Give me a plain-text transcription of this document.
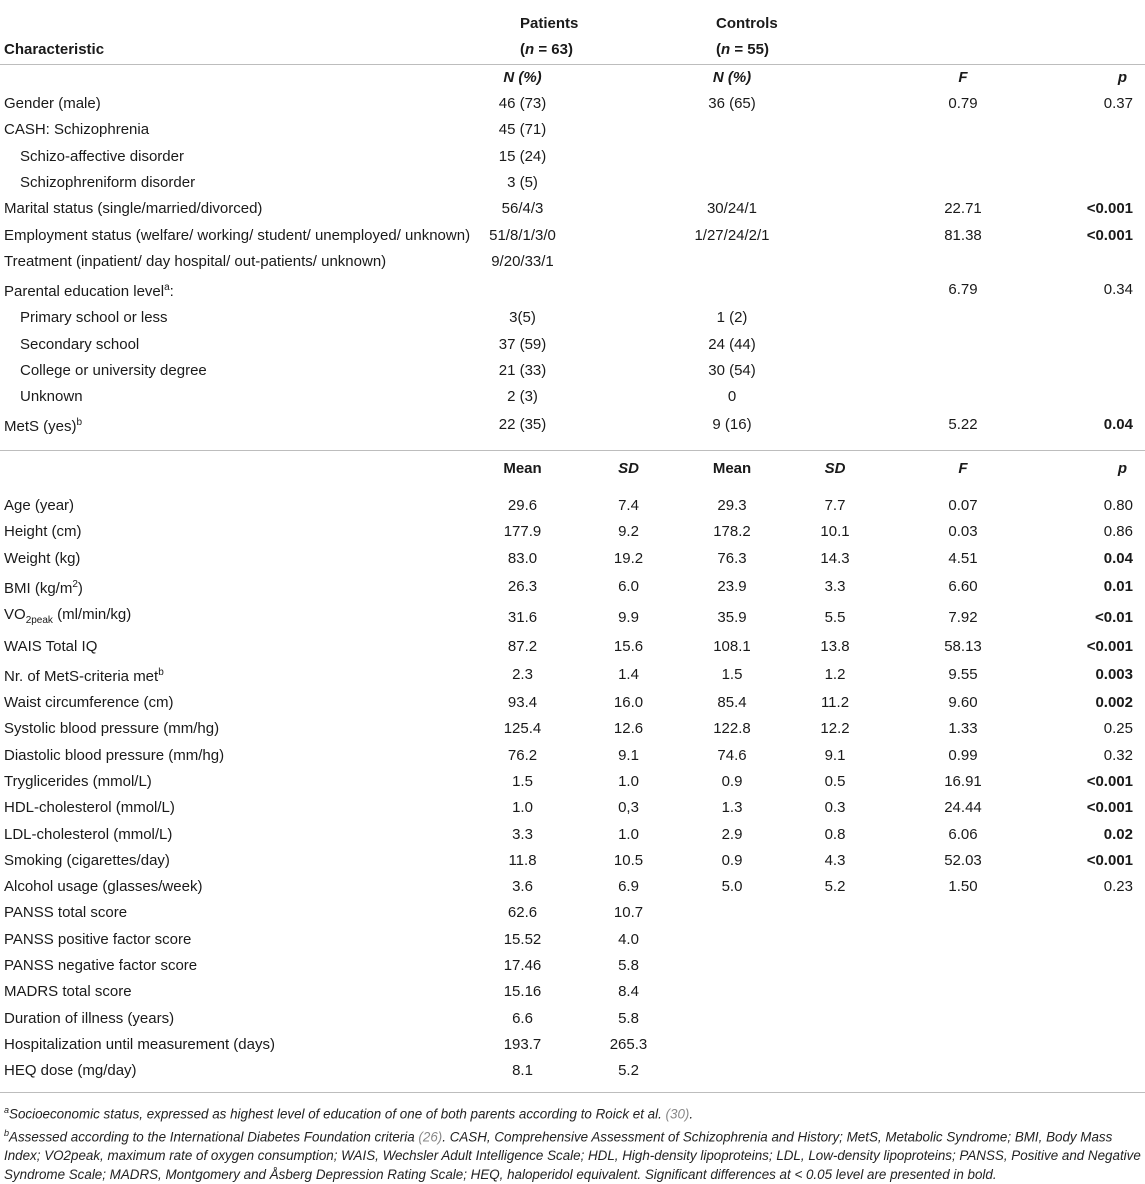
	Patients		Controls			
Characteristic	(n = 63)		(n = 55)			
	N (%)		N (%)		F	p
Gender (male)	46 (73)		36 (65)		0.79	0.37
CASH: Schizophrenia	45 (71)					
Schizo-affective disorder	15 (24)					
Schizophreniform disorder	3 (5)					
Marital status (single/married/divorced)	56/4/3		30/24/1		22.71	<0.001
Employment status (welfare/ working/ student/ unemployed/ unknown)	51/8/1/3/0		1/27/24/2/1		81.38	<0.001
Treatment (inpatient/ day hospital/ out-patients/ unknown)	9/20/33/1					
Parental education level$^a$:					6.79	0.34
Primary school or less	3(5)		1 (2)			
Secondary school	37 (59)		24 (44)			
College or university degree	21 (33)		30 (54)			
Unknown	2 (3)		0			
MetS (yes)$^b$	22 (35)		9 (16)		5.22	0.04

	Mean	SD	Mean	SD	F	p

Age (year)	29.6	7.4	29.3	7.7	0.07	0.80
Height (cm)	177.9	9.2	178.2	10.1	0.03	0.86
Weight (kg)	83.0	19.2	76.3	14.3	4.51	0.04
BMI $(kg/m^2)$	26.3	6.0	23.9	3.3	6.60	0.01
$VO_{2peak}$ (ml/min/kg)	31.6	9.9	35.9	5.5	7.92	<0.01
WAIS Total IQ	87.2	15.6	108.1	13.8	58.13	<0.001
Nr. of MetS-criteria met$^b$	2.3	1.4	1.5	1.2	9.55	0.003
Waist circumference (cm)	93.4	16.0	85.4	11.2	9.60	0.002
Systolic blood pressure (mm/hg)	125.4	12.6	122.8	12.2	1.33	0.25
Diastolic blood pressure (mm/hg)	76.2	9.1	74.6	9.1	0.99	0.32
Tryglicerides (mmol/L)	1.5	1.0	0.9	0.5	16.91	<0.001
HDL-cholesterol (mmol/L)	1.0	0,3	1.3	0.3	24.44	<0.001
LDL-cholesterol (mmol/L)	3.3	1.0	2.9	0.8	6.06	0.02
Smoking (cigarettes/day)	11.8	10.5	0.9	4.3	52.03	<0.001
Alcohol usage (glasses/week)	3.6	6.9	5.0	5.2	1.50	0.23
PANSS total score	62.6	10.7				
PANSS positive factor score	15.52	4.0				
PANSS negative factor score	17.46	5.8				
MADRS total score	15.16	8.4				
Duration of illness (years)	6.6	5.8				
Hospitalization until measurement (days)	193.7	265.3				
HEQ dose (mg/day)	8.1	5.2				

$^a$Socioeconomic status, expressed as highest level of education of one of both parents according to Roick et al. (30).

$^b$Assessed according to the International Diabetes Foundation criteria (26). CASH, Comprehensive Assessment of Schizophrenia and History; MetS, Metabolic Syndrome; BMI, Body Mass Index; VO2peak, maximum rate of oxygen consumption; WAIS, Wechsler Adult Intelligence Scale; HDL, High-density lipoproteins; LDL, Low-density lipoproteins; PANSS, Positive and Negative Syndrome Scale; MADRS, Montgomery and Åsberg Depression Rating Scale; HEQ, haloperidol equivalent. Significant differences at < 0.05 level are presented in bold.
